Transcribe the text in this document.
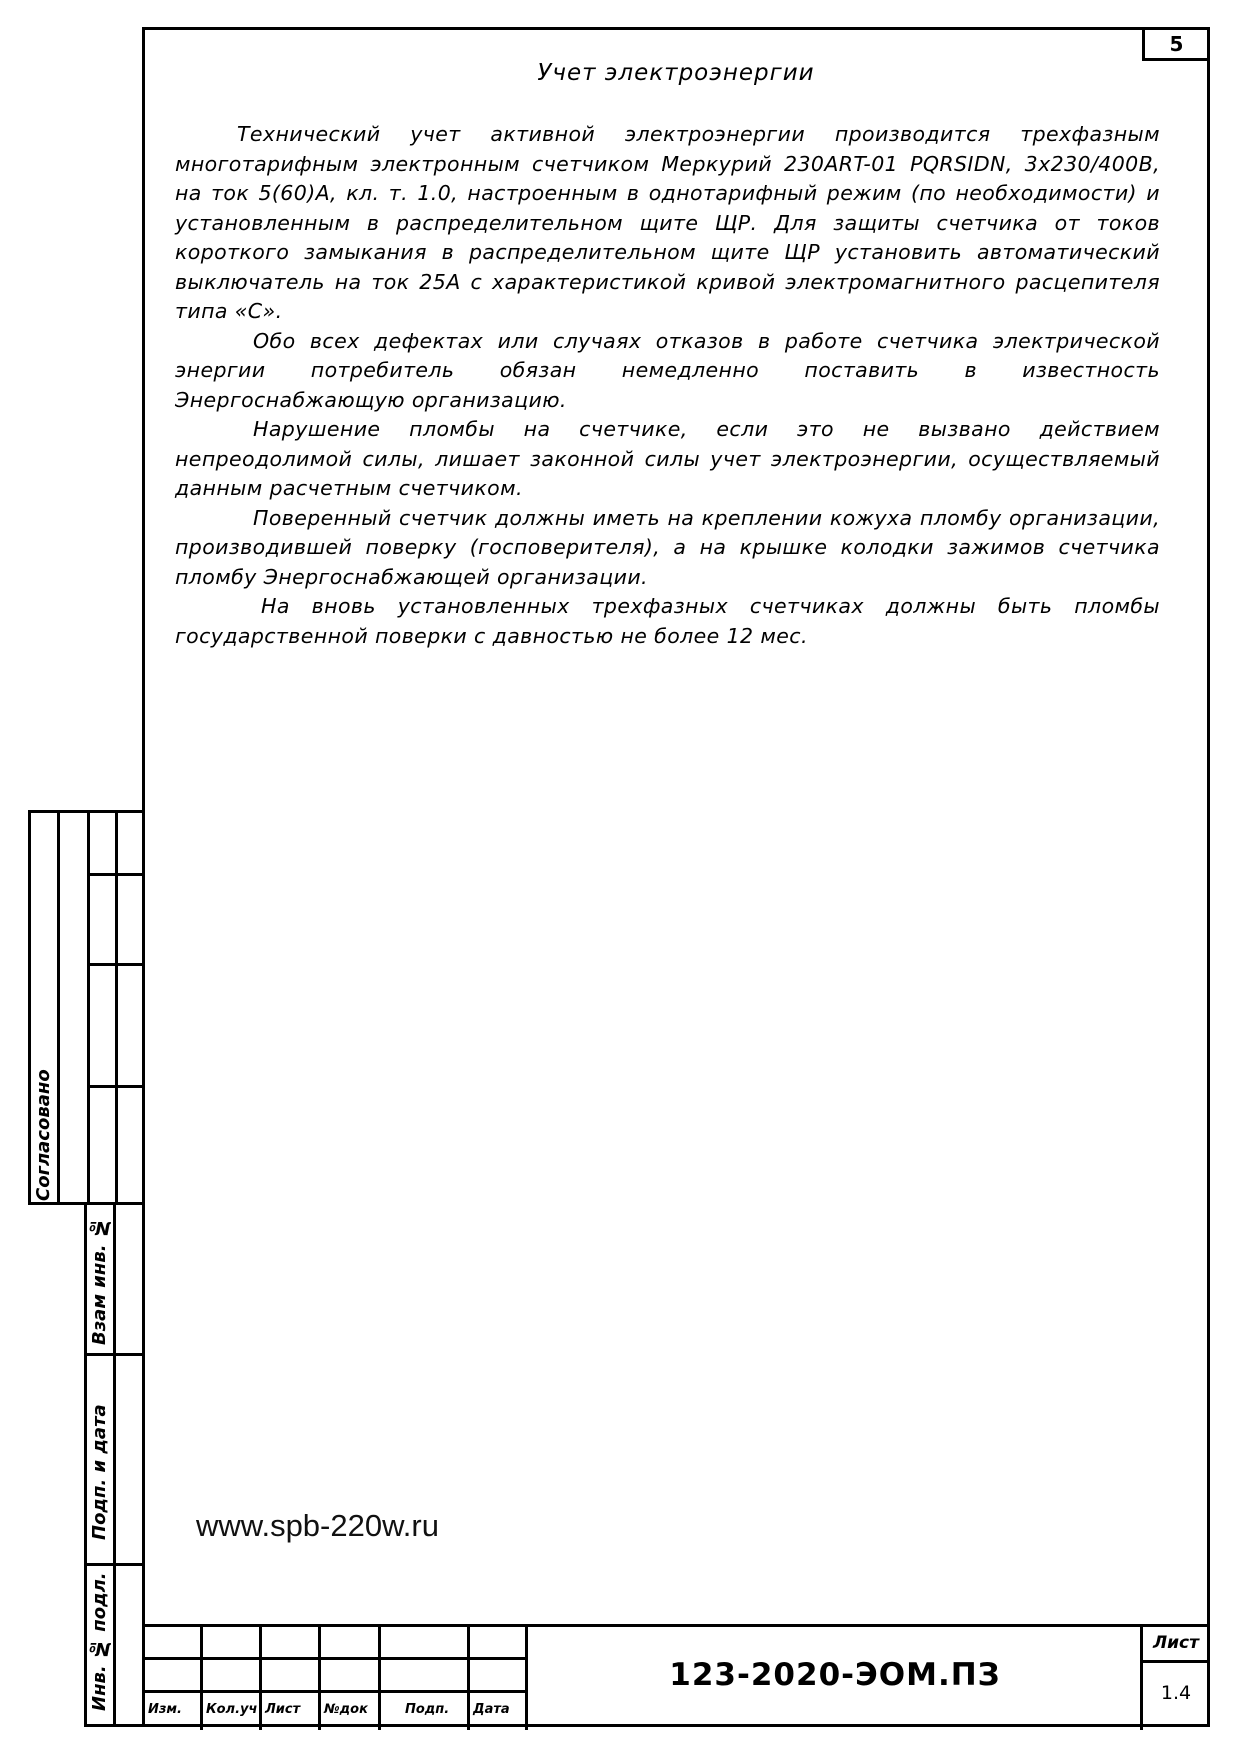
5
Учет электроэнергии

Технический учет активной электроэнергии производится трехфазным многотарифным электронным счетчиком Меркурий 230ART-01 PQRSIDN, 3х230/400В, на ток 5(60)А, кл. т. 1.0, настроенным в однотарифный режим (по необходимости) и установленным в распределительном щите ЩР. Для защиты счетчика от токов короткого замыкания в распределительном щите ЩР установить автоматический выключатель на ток 25А с характеристикой кривой электромагнитного расцепителя типа «С».

Обо всех дефектах или случаях отказов в работе счетчика электрической энергии потребитель обязан немедленно поставить в известность Энергоснабжающую организацию.

Нарушение пломбы на счетчике, если это не вызвано действием непреодолимой силы, лишает законной силы учет электроэнергии, осуществляемый данным расчетным счетчиком.

Поверенный счетчик должны иметь на креплении кожуха пломбу организации, производившей поверку (госповерителя), а на крышке колодки зажимов счетчика пломбу Энергоснабжающей организации.

На вновь установленных трехфазных счетчиках должны быть пломбы государственной поверки с давностью не более 12 мес.

www.spb-220w.ru
Согласовано
Взам инв. №
Подп. и дата
Инв. № подл.	Изм.	Кол.уч Лист	№док	Подп.	Дата
123-2020-ЭОМ.ПЗ
Лист
1.4
